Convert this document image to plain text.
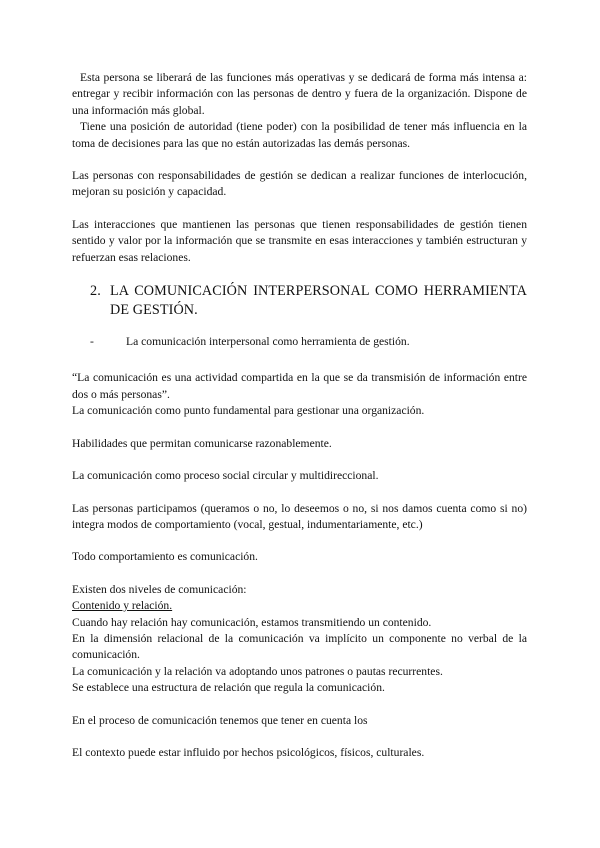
Esta persona se liberará de las funciones más operativas y se dedicará de forma más intensa a: entregar y recibir información con las personas de dentro y fuera de la organización. Dispone de una información más global.

Tiene una posición de autoridad (tiene poder) con la posibilidad de tener más influencia en la toma de decisiones para las que no están autorizadas las demás personas.

Las personas con responsabilidades de gestión se dedican a realizar funciones de interlocución, mejoran su posición y capacidad.

Las interacciones que mantienen las personas que tienen responsabilidades de gestión tienen sentido y valor por la información que se transmite en esas interacciones y también estructuran y refuerzan esas relaciones.

2. LA COMUNICACIÓN INTERPERSONAL COMO HERRAMIENTA DE GESTIÓN.
-	La comunicación interpersonal como herramienta de gestión.

“La comunicación es una actividad compartida en la que se da transmisión de información entre dos o más personas”.

La comunicación como punto fundamental para gestionar una organización.

Habilidades que permitan comunicarse razonablemente.

La comunicación como proceso social circular y multidireccional.

Las personas participamos (queramos o no, lo deseemos o no, si nos damos cuenta como si no) integra modos de comportamiento (vocal, gestual, indumentariamente, etc.)

Todo comportamiento es comunicación.

Existen dos niveles de comunicación:

Contenido y relación.

Cuando hay relación hay comunicación, estamos transmitiendo un contenido.

En la dimensión relacional de la comunicación va implícito un componente no verbal de la comunicación.

La comunicación y la relación va adoptando unos patrones o pautas recurrentes.

Se establece una estructura de relación que regula la comunicación.

En el proceso de comunicación tenemos que tener en cuenta los

El contexto puede estar influido por hechos psicológicos, físicos, culturales.
